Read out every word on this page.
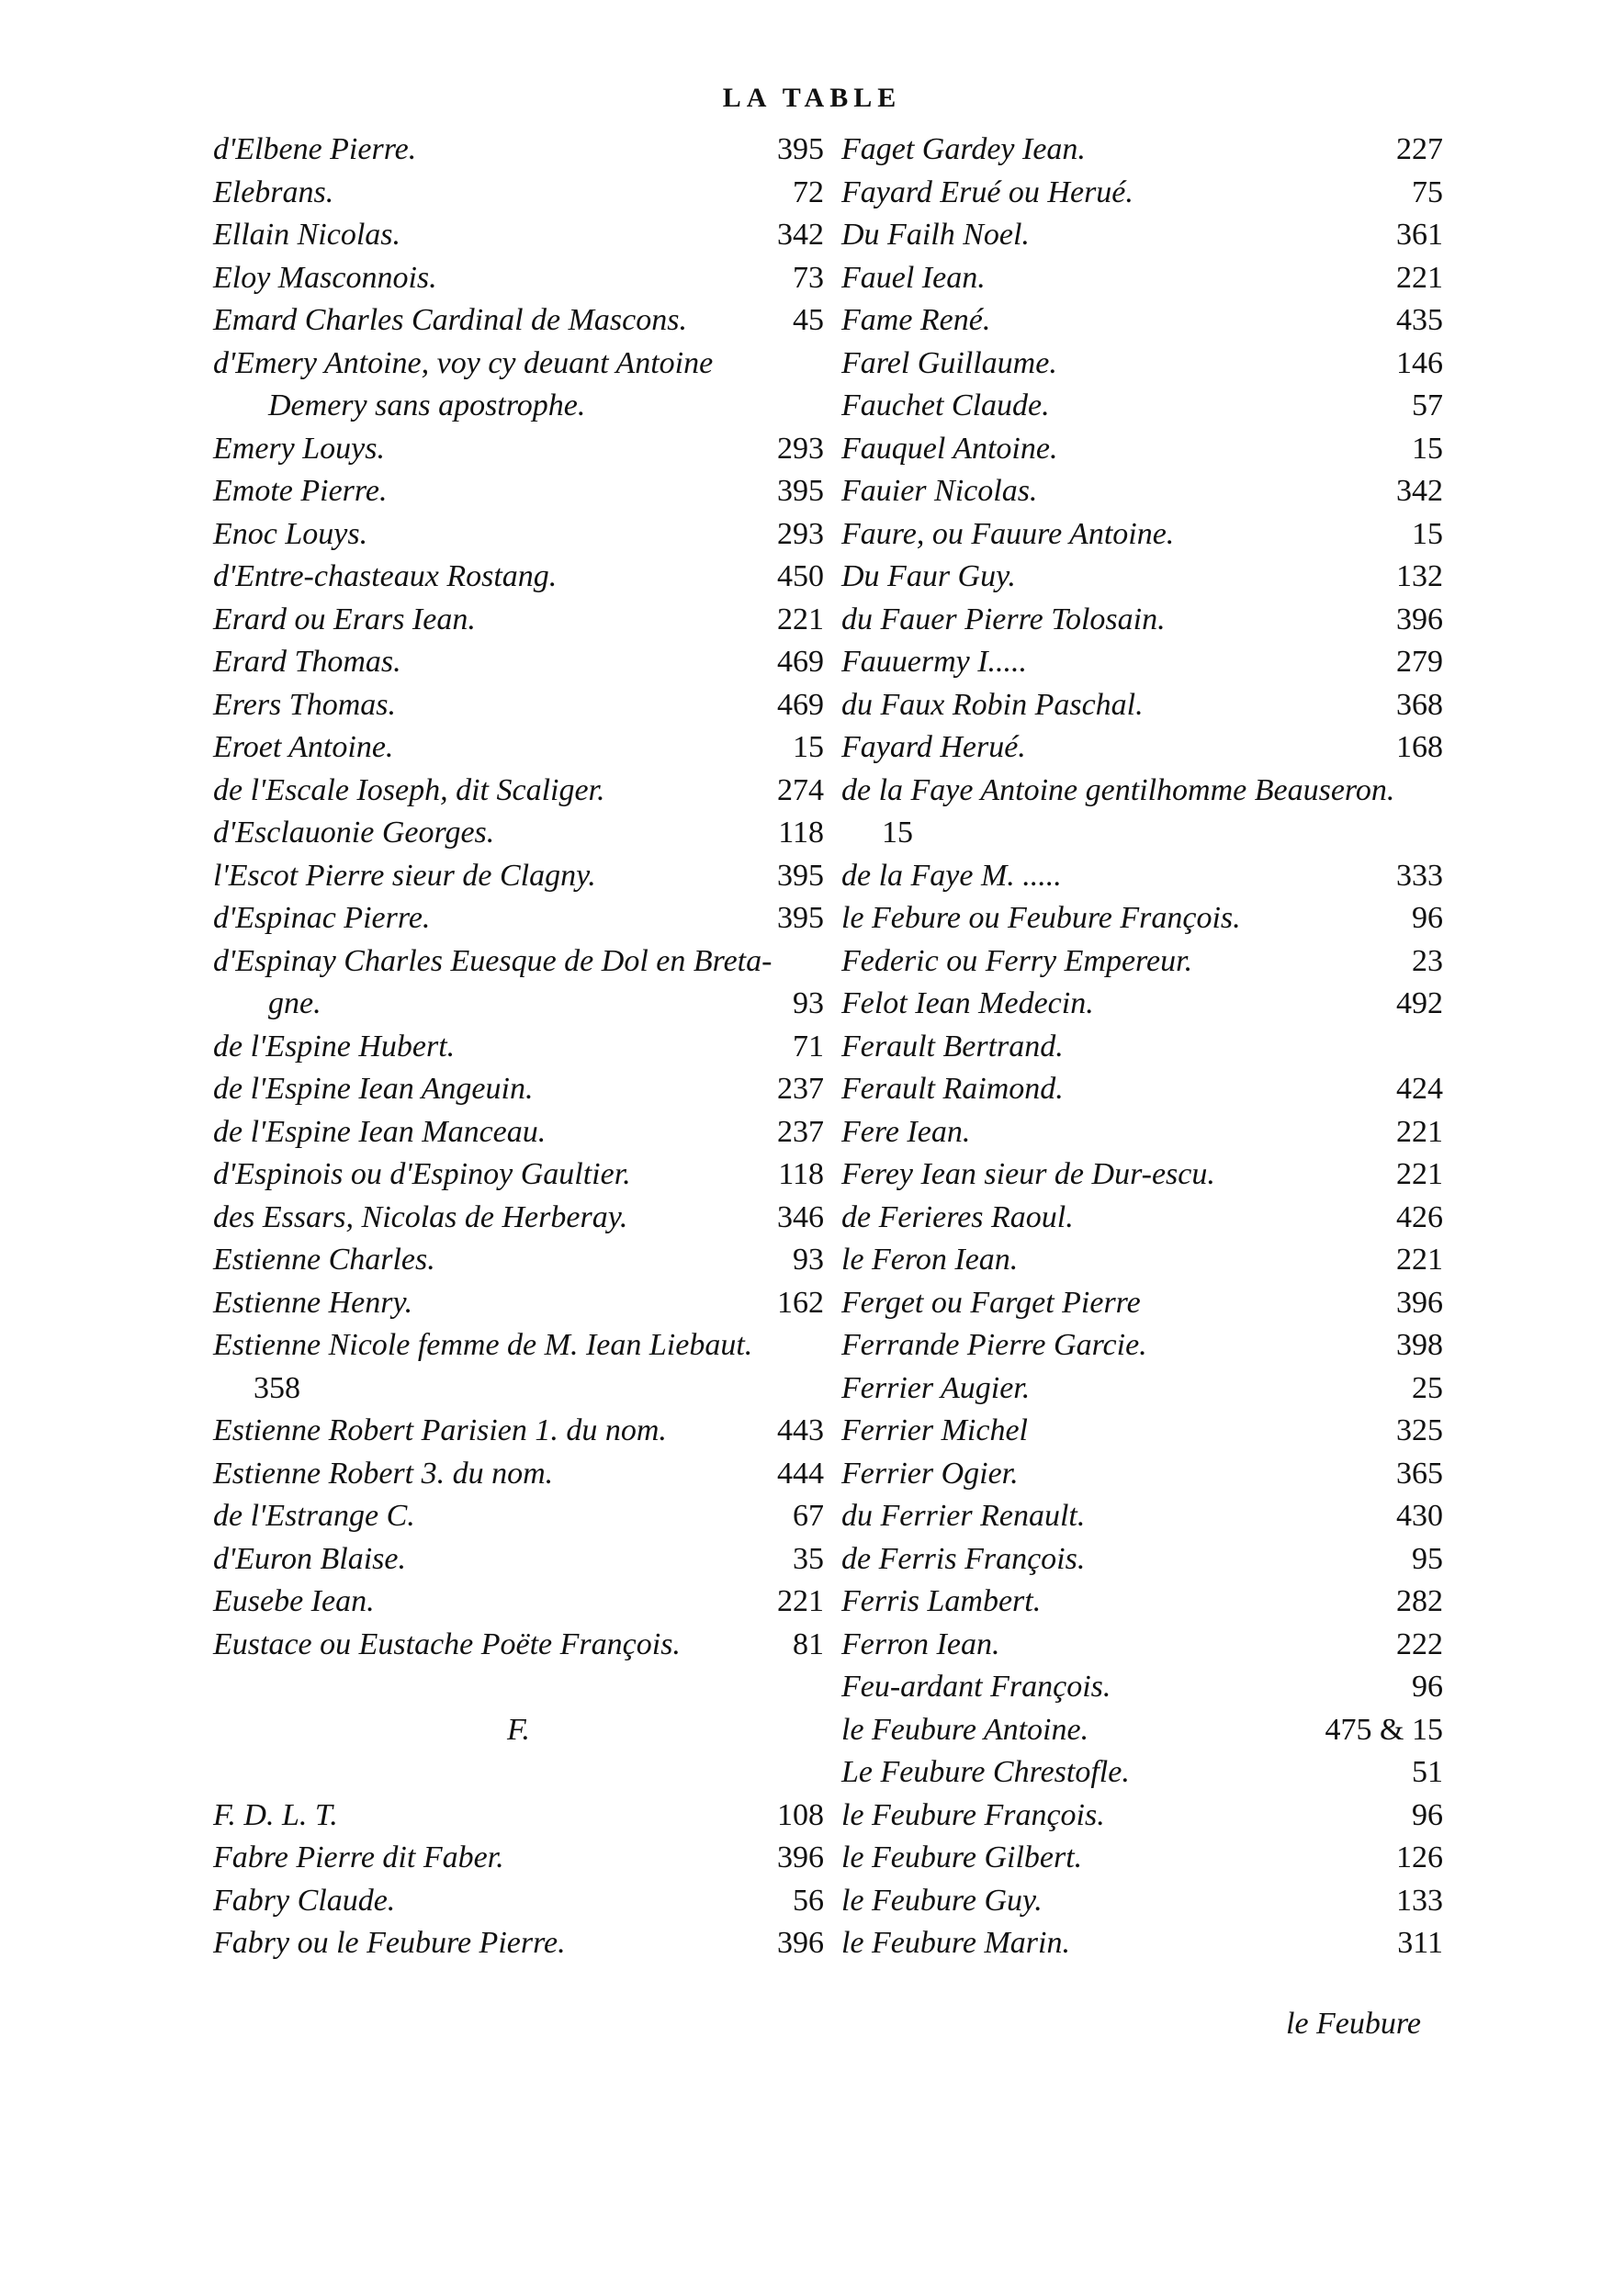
LA TABLE
d'Elbene Pierre.	395
Elebrans.	72
Ellain Nicolas.	342
Eloy Masconnois.	73
Emard Charles Cardinal de Mascons.	45
d'Emery Antoine, voy cy deuant Antoine
Demery sans apostrophe.
Emery Louys.	293
Emote Pierre.	395
Enoc Louys.	293
d'Entre-chasteaux Rostang.	450
Erard ou Erars Iean.	221
Erard Thomas.	469
Erers Thomas.	469
Eroet Antoine.	15
de l'Escale Ioseph, dit Scaliger.	274
d'Esclauonie Georges.	118
l'Escot Pierre sieur de Clagny.	395
d'Espinac Pierre.	395
d'Espinay Charles Euesque de Dol en Breta-
gne.	93
de l'Espine Hubert.	71
de l'Espine Iean Angeuin.	237
de l'Espine Iean Manceau.	237
d'Espinois ou d'Espinoy Gaultier.	118
des Essars, Nicolas de Herberay.	346
Estienne Charles.	93
Estienne Henry.	162
Estienne Nicole femme de M. Iean Liebaut.
358
Estienne Robert Parisien 1. du nom.	443
Estienne Robert 3. du nom.	444
de l'Estrange C.	67
d'Euron Blaise.	35
Eusebe Iean.	221
Eustace ou Eustache Poëte François.	81
F.
F. D. L. T.	108
Fabre Pierre dit Faber.	396
Fabry Claude.	56
Fabry ou le Feubure Pierre.	396
Faget Gardey Iean.	227
Fayard Erué ou Herué.	75
Du Failh Noel.	361
Fauel Iean.	221
Fame René.	435
Farel Guillaume.	146
Fauchet Claude.	57
Fauquel Antoine.	15
Fauier Nicolas.	342
Faure, ou Fauure Antoine.	15
Du Faur Guy.	132
du Fauer Pierre Tolosain.	396
Fauuermy I.....	279
du Faux Robin Paschal.	368
Fayard Herué.	168
de la Faye Antoine gentilhomme Beauseron.
15
de la Faye M. .....	333
le Febure ou Feubure François.	96
Federic ou Ferry Empereur.	23
Felot Iean Medecin.	492
Ferault Bertrand.
Ferault Raimond.	424
Fere Iean.	221
Ferey Iean sieur de Dur-escu.	221
de Ferieres Raoul.	426
le Feron Iean.	221
Ferget ou Farget Pierre	396
Ferrande Pierre Garcie.	398
Ferrier Augier.	25
Ferrier Michel	325
Ferrier Ogier.	365
du Ferrier Renault.	430
de Ferris François.	95
Ferris Lambert.	282
Ferron Iean.	222
Feu-ardant François.	96
le Feubure Antoine.	475 & 15
Le Feubure Chrestofle.	51
le Feubure François.	96
le Feubure Gilbert.	126
le Feubure Guy.	133
le Feubure Marin.	311
le Feubure
